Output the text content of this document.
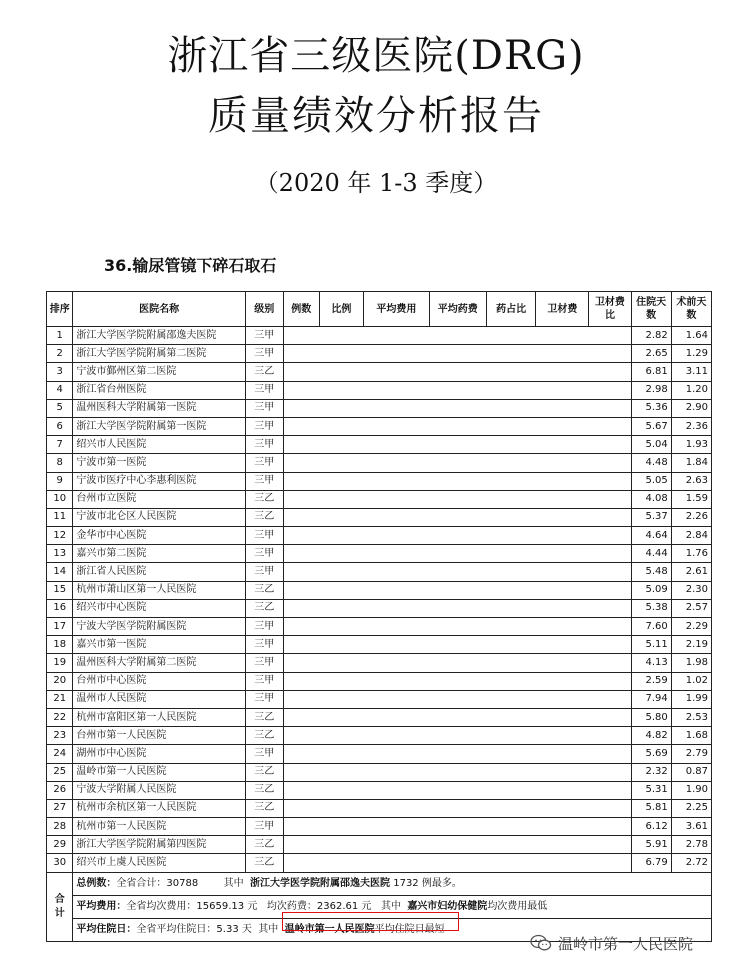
浙江省三级医院(DRG)
质量绩效分析报告
（2020 年 1-3 季度）
36.输尿管镜下碎石取石
排序	医院名称	级别	例数	比例	平均费用	平均药费	药占比	卫材费	卫材费比	住院天数	术前天数
1	浙江大学医学院附属邵逸夫医院	三甲								2.82	1.64
2	浙江大学医学院附属第二医院	三甲								2.65	1.29
3	宁波市鄞州区第二医院	三乙								6.81	3.11
4	浙江省台州医院	三甲								2.98	1.20
5	温州医科大学附属第一医院	三甲								5.36	2.90
6	浙江大学医学院附属第一医院	三甲								5.67	2.36
7	绍兴市人民医院	三甲								5.04	1.93
8	宁波市第一医院	三甲								4.48	1.84
9	宁波市医疗中心李惠利医院	三甲								5.05	2.63
10	台州市立医院	三乙								4.08	1.59
11	宁波市北仑区人民医院	三乙								5.37	2.26
12	金华市中心医院	三甲								4.64	2.84
13	嘉兴市第二医院	三甲								4.44	1.76
14	浙江省人民医院	三甲								5.48	2.61
15	杭州市萧山区第一人民医院	三乙								5.09	2.30
16	绍兴市中心医院	三乙								5.38	2.57
17	宁波大学医学院附属医院	三甲								7.60	2.29
18	嘉兴市第一医院	三甲								5.11	2.19
19	温州医科大学附属第二医院	三甲								4.13	1.98
20	台州市中心医院	三甲								2.59	1.02
21	温州市人民医院	三甲								7.94	1.99
22	杭州市富阳区第一人民医院	三乙								5.80	2.53
23	台州市第一人民医院	三乙								4.82	1.68
24	湖州市中心医院	三甲								5.69	2.79
25	温岭市第一人民医院	三乙								2.32	0.87
26	宁波大学附属人民医院	三乙								5.31	1.90
27	杭州市余杭区第一人民医院	三乙								5.81	2.25
28	杭州市第一人民医院	三甲								6.12	3.61
29	浙江大学医学院附属第四医院	三乙								5.91	2.78
30	绍兴市上虞人民医院	三乙								6.79	2.72
合计	总例数：全省合计：30788 其中 浙江大学医学院附属邵逸夫医院 1732 例最多。										
	平均费用：全省均次费用：15659.13 元 均次药费：2362.61 元 其中 嘉兴市妇幼保健院均次费用最低										
	平均住院日：全省平均住院日：5.33 天 其中 温岭市第一人民医院平均住院日最短										
温岭市第一人民医院
